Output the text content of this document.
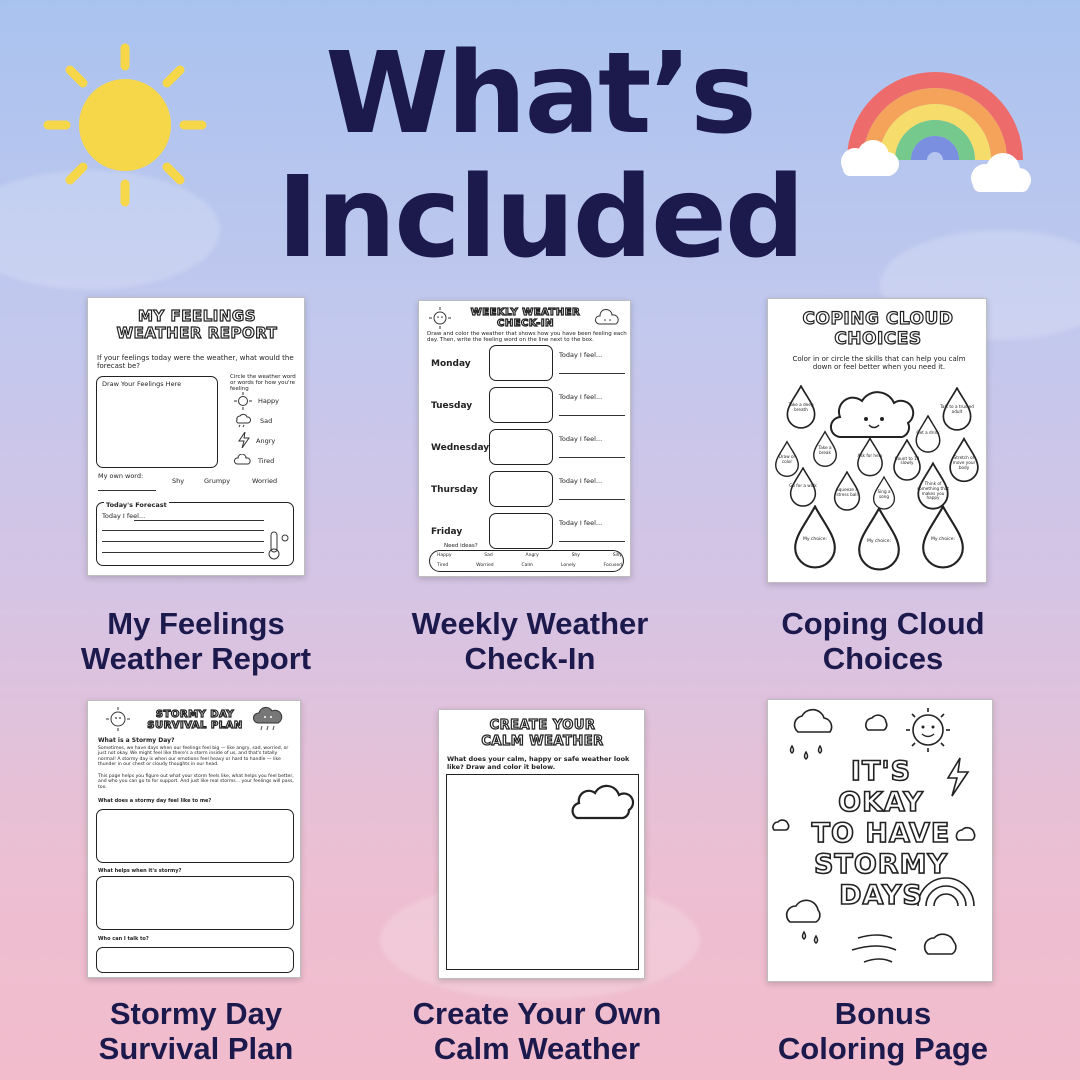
What’s
Included
MY FEELINGS
WEATHER REPORT
If your feelings today were the weather, what would the forecast be?
Draw Your Feelings Here
Circle the weather word or words for how you're feeling
Happy
Sad
Angry
Tired
My own word:
Shy	Grumpy	Worried
Today's Forecast
Today I feel...
My Feelings
Weather Report
WEEKLY WEATHER
CHECK-IN
Draw and color the weather that shows how you have been feeling each day. Then, write the feeling word on the line next to the box.
Monday
Today I feel...
Tuesday
Today I feel...
Wednesday
Today I feel...
Thursday
Today I feel...
Friday
Today I feel...
Need ideas?
Happy	Sad	Angry	Shy	Silly
Tired	Worried	Calm	Lonely	Focused
Weekly Weather
Check-In
COPING CLOUD
CHOICES
Color in or circle the skills that can help you calm down or feel better when you need it.
Take a deep breath
Talk to a trusted adult
Get a drink
Draw or color
Take a break
Ask for help
Count to 10 slowly
Stretch or move your body
Go for a walk
Squeeze a stress ball	Sing a song
Think of something that makes you happy
My choice:	My choice:	My choice:
Coping Cloud
Choices
STORMY DAY
SURVIVAL PLAN
What is a Stormy Day?
Sometimes, we have days when our feelings feel big — like angry, sad, worried, or just not okay. We might feel like there's a storm inside of us, and that's totally normal! A stormy day is when our emotions feel heavy or hard to handle — like thunder in our chest or cloudy thoughts in our head.
This page helps you figure out what your storm feels like, what helps you feel better, and who you can go to for support. And just like real storms... your feelings will pass, too.
What does a stormy day feel like to me?
What helps when it's stormy?
Who can I talk to?
Stormy Day
Survival Plan
CREATE YOUR
CALM WEATHER
What does your calm, happy or safe weather look like? Draw and color it below.
Create Your Own
Calm Weather
IT'S
OKAY
TO HAVE
STORMY
DAYS
Bonus
Coloring Page
